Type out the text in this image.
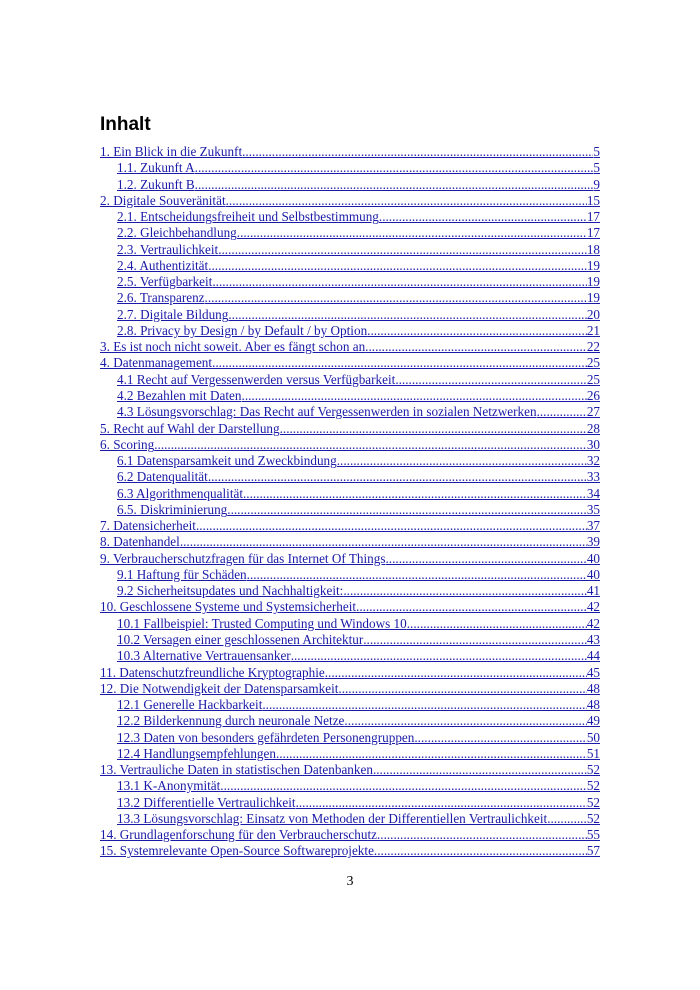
Inhalt
1. Ein Blick in die Zukunft .....	5
1.1. Zukunft A .....	5
1.2. Zukunft B .....	9
2. Digitale Souveränität .....	15
2.1. Entscheidungsfreiheit und Selbstbestimmung .....	17
2.2. Gleichbehandlung .....	17
2.3. Vertraulichkeit .....	18
2.4. Authentizität .....	19
2.5. Verfügbarkeit .....	19
2.6. Transparenz .....	19
2.7. Digitale Bildung .....	20
2.8. Privacy by Design / by Default / by Option .....	21
3. Es ist noch nicht soweit. Aber es fängt schon an .....	22
4. Datenmanagement .....	25
4.1 Recht auf Vergessenwerden versus Verfügbarkeit .....	25
4.2 Bezahlen mit Daten .....	26
4.3 Lösungsvorschlag: Das Recht auf Vergessenwerden in sozialen Netzwerken .....	27
5. Recht auf Wahl der Darstellung .....	28
6. Scoring .....	30
6.1 Datensparsamkeit und Zweckbindung .....	32
6.2 Datenqualität .....	33
6.3 Algorithmenqualität .....	34
6.5. Diskriminierung .....	35
7. Datensicherheit .....	37
8. Datenhandel .....	39
9. Verbraucherschutzfragen für das Internet Of Things .....	40
9.1 Haftung für Schäden .....	40
9.2 Sicherheitsupdates und Nachhaltigkeit: .....	41
10. Geschlossene Systeme und Systemsicherheit .....	42
10.1 Fallbeispiel: Trusted Computing und Windows 10 .....	42
10.2 Versagen einer geschlossenen Architektur .....	43
10.3 Alternative Vertrauensanker .....	44
11. Datenschutzfreundliche Kryptographie .....	45
12. Die Notwendigkeit der Datensparsamkeit .....	48
12.1 Generelle Hackbarkeit .....	48
12.2 Bilderkennung durch neuronale Netze .....	49
12.3 Daten von besonders gefährdeten Personengruppen .....	50
12.4 Handlungsempfehlungen .....	51
13. Vertrauliche Daten in statistischen Datenbanken .....	52
13.1 K-Anonymität .....	52
13.2 Differentielle Vertraulichkeit .....	52
13.3 Lösungsvorschlag: Einsatz von Methoden der Differentiellen Vertraulichkeit .....	52
14. Grundlagenforschung für den Verbraucherschutz .....	55
15. Systemrelevante Open-Source Softwareprojekte .....	57
3
